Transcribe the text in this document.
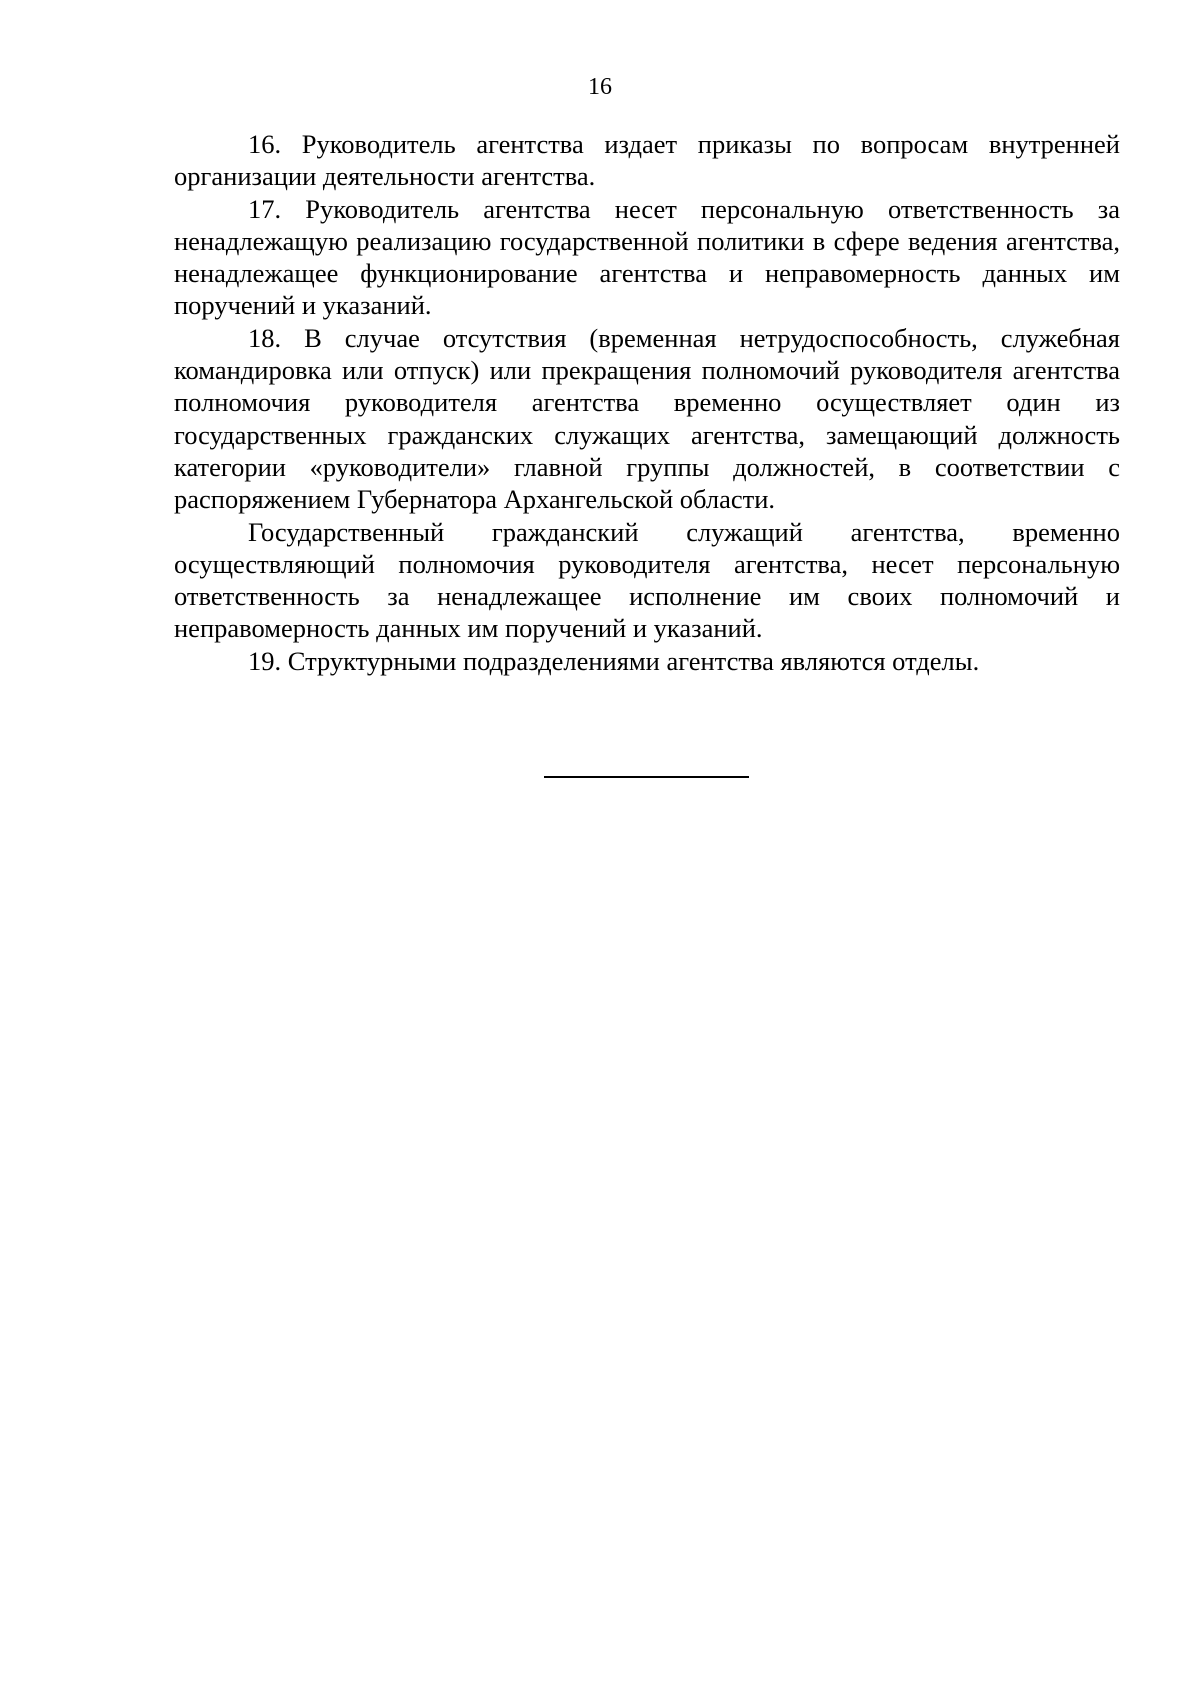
16

16. Руководитель агентства издает приказы по вопросам внутренней организации деятельности агентства.

17. Руководитель агентства несет персональную ответственность за ненадлежащую реализацию государственной политики в сфере ведения агентства, ненадлежащее функционирование агентства и неправомерность данных им поручений и указаний.

18. В случае отсутствия (временная нетрудоспособность, служебная командировка или отпуск) или прекращения полномочий руководителя агентства полномочия руководителя агентства временно осуществляет один из государственных гражданских служащих агентства, замещающий должность категории «руководители» главной группы должностей, в соответствии с распоряжением Губернатора Архангельской области.

Государственный гражданский служащий агентства, временно осуществляющий полномочия руководителя агентства, несет персональную ответственность за ненадлежащее исполнение им своих полномочий и неправомерность данных им поручений и указаний.

19. Структурными подразделениями агентства являются отделы.
